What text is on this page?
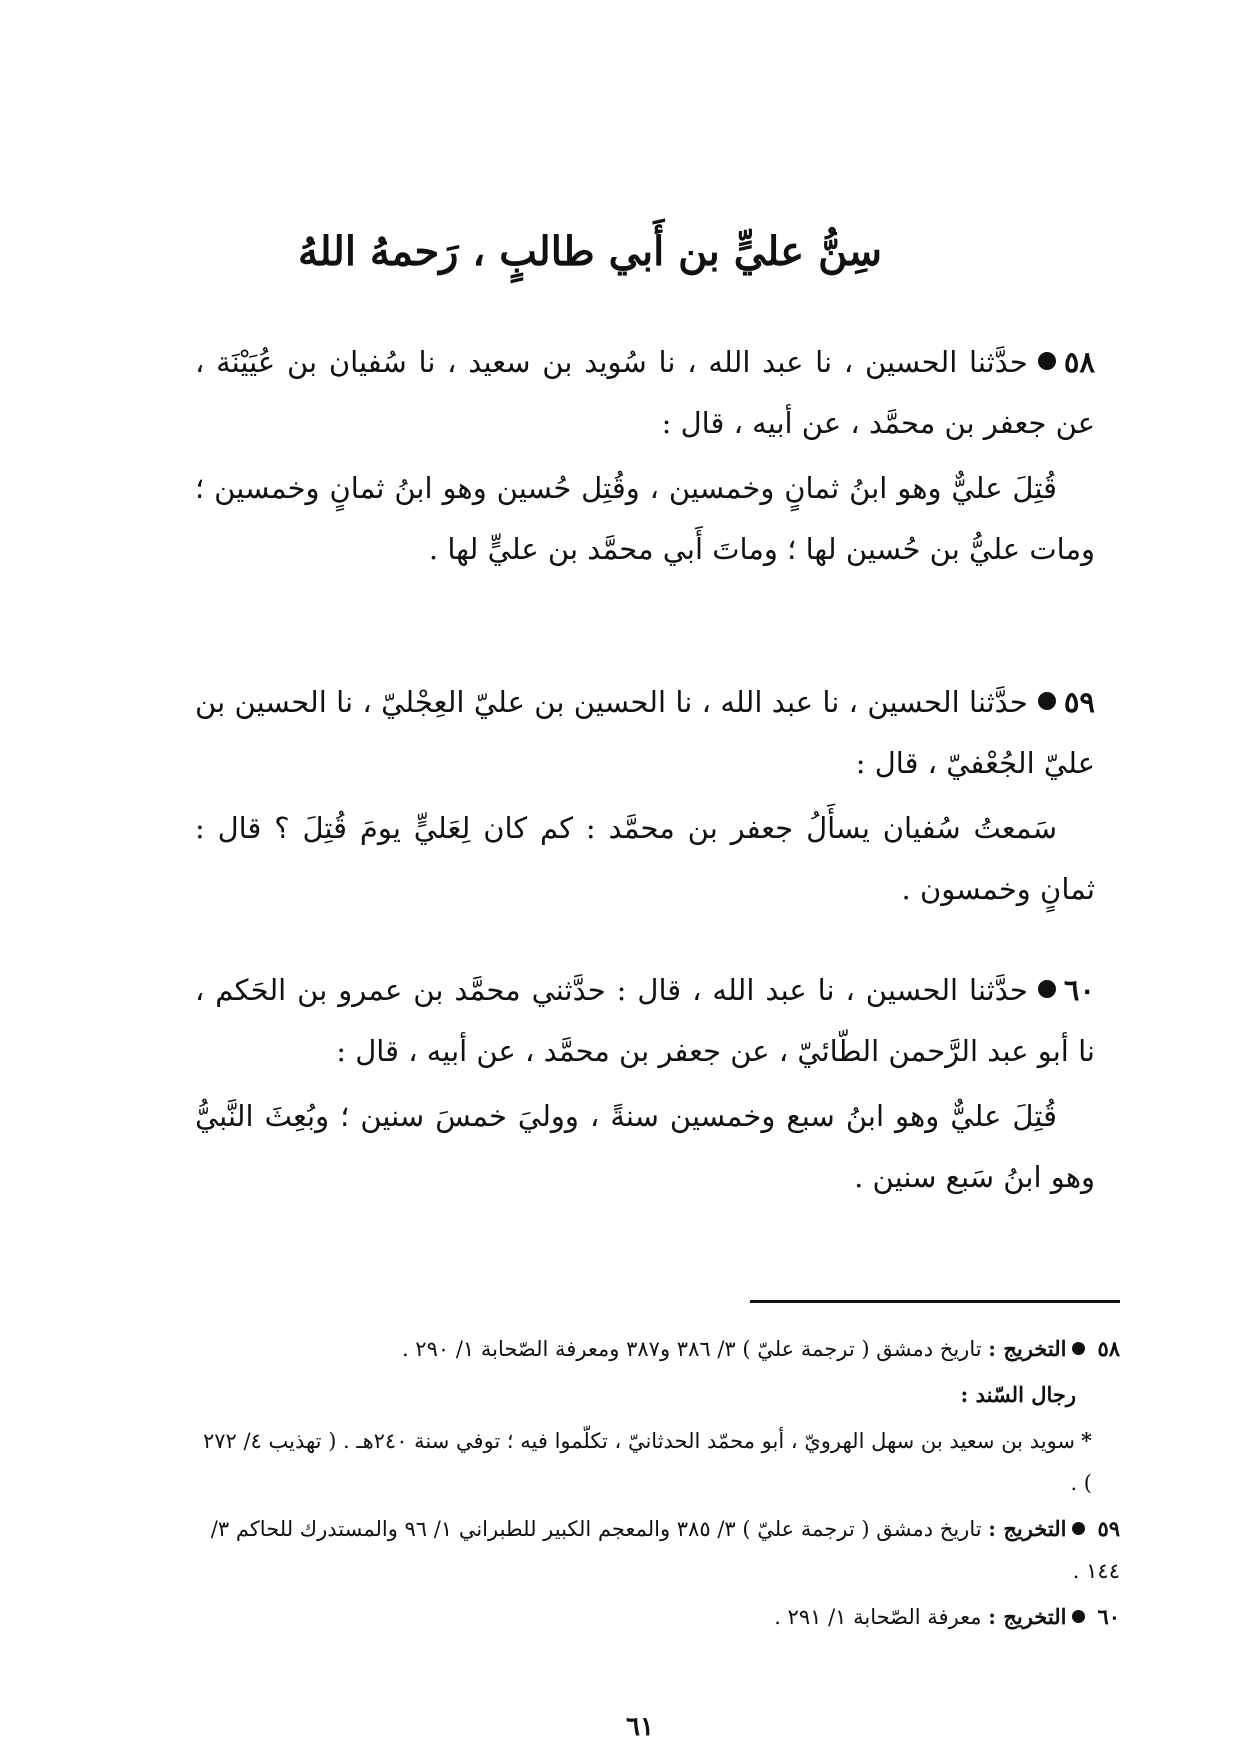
سِنُّ عليٍّ بن أَبي طالبٍ ، رَحمهُ اللهُ

٥٨حدَّثنا الحسين ، نا عبد الله ، نا سُويد بن سعيد ، نا سُفيان بن عُيَيْنَة ، عن جعفر بن محمَّد ، عن أبيه ، قال :

قُتِلَ عليٌّ وهو ابنُ ثمانٍ وخمسين ، وقُتِل حُسين وهو ابنُ ثمانٍ وخمسين ؛ ومات عليُّ بن حُسين لها ؛ وماتَ أَبي محمَّد بن عليٍّ لها .

٥٩حدَّثنا الحسين ، نا عبد الله ، نا الحسين بن عليّ العِجْليّ ، نا الحسين بن عليّ الجُعْفيّ ، قال :

سَمعتُ سُفيان يسأَلُ جعفر بن محمَّد : كم كان لِعَليٍّ يومَ قُتِلَ ؟ قال : ثمانٍ وخمسون .

٦٠حدَّثنا الحسين ، نا عبد الله ، قال : حدَّثني محمَّد بن عمرو بن الحَكم ، نا أبو عبد الرَّحمن الطّائيّ ، عن جعفر بن محمَّد ، عن أبيه ، قال :

قُتِلَ عليٌّ وهو ابنُ سبع وخمسين سنةً ، ووليَ خمسَ سنين ؛ وبُعِثَ النَّبيُّ وهو ابنُ سَبع سنين .

٥٨التخريج : تاريخ دمشق ( ترجمة عليّ ) ٣/ ٣٨٦ و٣٨٧ ومعرفة الصّحابة ١/ ٢٩٠ .

رجال السّند :

*سويد بن سعيد بن سهل الهرويّ ، أبو محمّد الحدثانيّ ، تكلّموا فيه ؛ توفي سنة ٢٤٠هـ . ( تهذيب ٤/ ٢٧٢ ) .

٥٩التخريج : تاريخ دمشق ( ترجمة عليّ ) ٣/ ٣٨٥ والمعجم الكبير للطبراني ١/ ٩٦ والمستدرك للحاكم ٣/ ١٤٤ .

٦٠التخريج : معرفة الصّحابة ١/ ٢٩١ .

٦١
